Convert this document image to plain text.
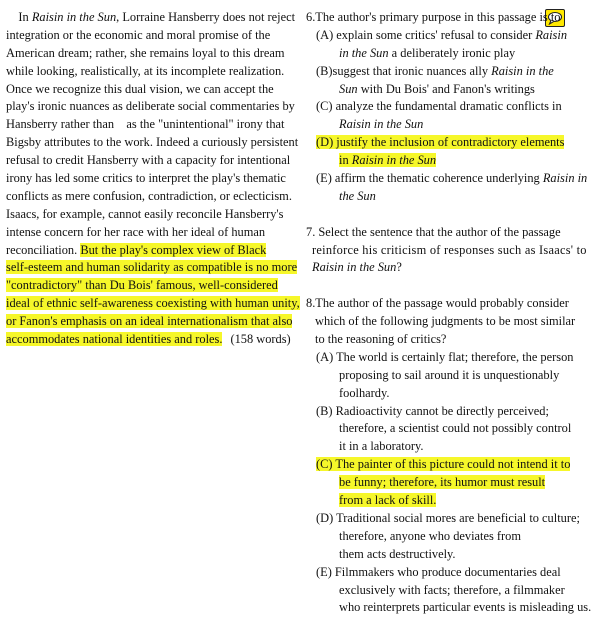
In Raisin in the Sun, Lorraine Hansberry does not reject
integration or the economic and moral promise of the
American dream; rather, she remains loyal to this dream
while looking, realistically, at its incomplete realization.
Once we recognize this dual vision, we can accept the
play's ironic nuances as deliberate social commentaries by
Hansberry rather than    as the "unintentional" irony that
Bigsby attributes to the work. Indeed a curiously persistent
refusal to credit Hansberry with a capacity for intentional
irony has led some critics to interpret the play's thematic
conflicts as mere confusion, contradiction, or eclecticism.
Isaacs, for example, cannot easily reconcile Hansberry's
intense concern for her race with her ideal of human
reconciliation. But the play's complex view of Black
self-esteem and human solidarity as compatible is no more
"contradictory" than Du Bois' famous, well-considered
ideal of ethnic self-awareness coexisting with human unity,
or Fanon's emphasis on an ideal internationalism that also
accommodates national identities and roles. (158 words)
6.The author's primary purpose in this passage is to
(A) explain some critics' refusal to consider Raisin
in the Sun a deliberately ironic play
(B)suggest that ironic nuances ally Raisin in the
Sun with Du Bois' and Fanon's writings
(C) analyze the fundamental dramatic conflicts in
Raisin in the Sun
(D) justify the inclusion of contradictory elements
in Raisin in the Sun
(E) affirm the thematic coherence underlying Raisin in
the Sun
7. Select the sentence that the author of the passage
reinforce his criticism of responses such as Isaacs' to
Raisin in the Sun?
8.The author of the passage would probably consider
which of the following judgments to be most similar
to the reasoning of critics?
(A) The world is certainly flat; therefore, the person
proposing to sail around it is unquestionably
foolhardy.
(B) Radioactivity cannot be directly perceived;
therefore, a scientist could not possibly control
it in a laboratory.
(C) The painter of this picture could not intend it to
be funny; therefore, its humor must result
from a lack of skill.
(D) Traditional social mores are beneficial to culture;
therefore, anyone who deviates from
them acts destructively.
(E) Filmmakers who produce documentaries deal
exclusively with facts; therefore, a filmmaker
who reinterprets particular events is misleading us.
